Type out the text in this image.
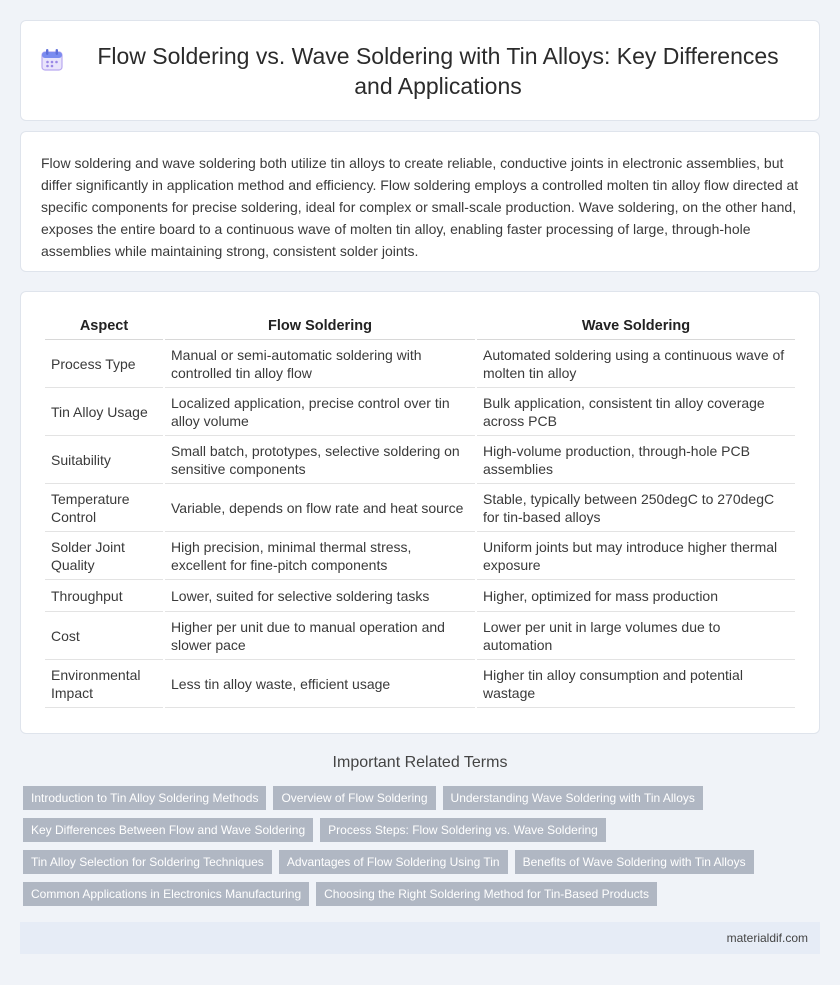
Flow Soldering vs. Wave Soldering with Tin Alloys: Key Differences and Applications

Flow soldering and wave soldering both utilize tin alloys to create reliable, conductive joints in electronic assemblies, but differ significantly in application method and efficiency. Flow soldering employs a controlled molten tin alloy flow directed at specific components for precise soldering, ideal for complex or small-scale production. Wave soldering, on the other hand, exposes the entire board to a continuous wave of molten tin alloy, enabling faster processing of large, through-hole assemblies while maintaining strong, consistent solder joints.

Aspect	Flow Soldering	Wave Soldering
Process Type	Manual or semi-automatic soldering with controlled tin alloy flow	Automated soldering using a continuous wave of molten tin alloy
Tin Alloy Usage	Localized application, precise control over tin alloy volume	Bulk application, consistent tin alloy coverage across PCB
Suitability	Small batch, prototypes, selective soldering on sensitive components	High-volume production, through-hole PCB assemblies
Temperature Control	Variable, depends on flow rate and heat source	Stable, typically between 250degC to 270degC for tin-based alloys
Solder Joint Quality	High precision, minimal thermal stress, excellent for fine-pitch components	Uniform joints but may introduce higher thermal exposure
Throughput	Lower, suited for selective soldering tasks	Higher, optimized for mass production
Cost	Higher per unit due to manual operation and slower pace	Lower per unit in large volumes due to automation
Environmental Impact	Less tin alloy waste, efficient usage	Higher tin alloy consumption and potential wastage
Important Related Terms
Introduction to Tin Alloy Soldering Methods	Overview of Flow Soldering	Understanding Wave Soldering with Tin Alloys
Key Differences Between Flow and Wave Soldering	Process Steps: Flow Soldering vs. Wave Soldering
Tin Alloy Selection for Soldering Techniques	Advantages of Flow Soldering Using Tin	Benefits of Wave Soldering with Tin Alloys
Common Applications in Electronics Manufacturing	Choosing the Right Soldering Method for Tin-Based Products
materialdif.com
